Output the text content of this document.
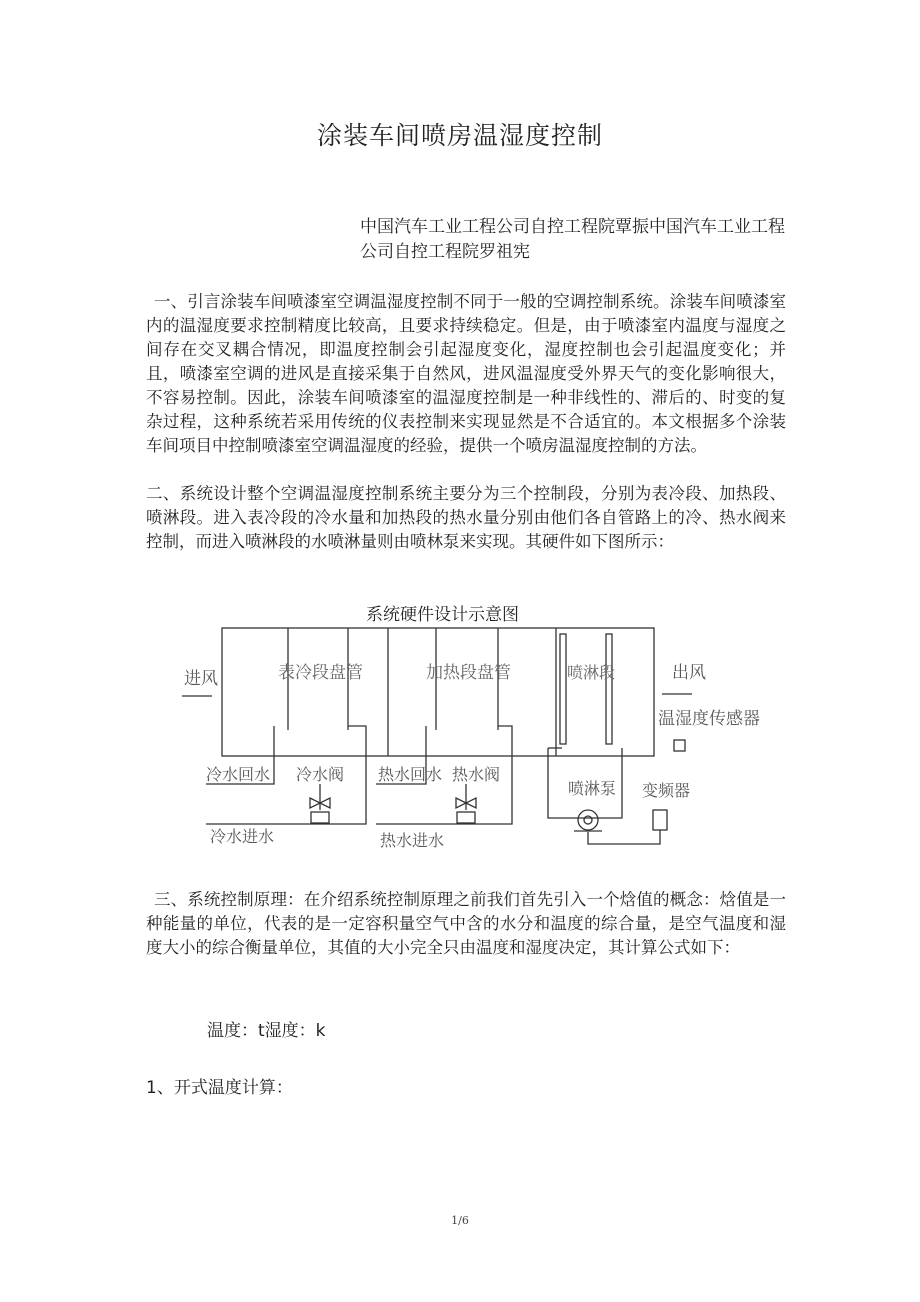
涂装车间喷房温湿度控制
中国汽车工业工程公司自控工程院覃振中国汽车工业工程公司自控工程院罗祖宪

一、引言涂装车间喷漆室空调温湿度控制不同于一般的空调控制系统。涂装车间喷漆室内的温湿度要求控制精度比较高，且要求持续稳定。但是，由于喷漆室内温度与湿度之间存在交叉耦合情况，即温度控制会引起湿度变化，湿度控制也会引起温度变化；并且，喷漆室空调的进风是直接采集于自然风，进风温湿度受外界天气的变化影响很大，不容易控制。因此，涂装车间喷漆室的温湿度控制是一种非线性的、滞后的、时变的复杂过程，这种系统若采用传统的仪表控制来实现显然是不合适宜的。本文根据多个涂装车间项目中控制喷漆室空调温湿度的经验，提供一个喷房温湿度控制的方法。

二、系统设计整个空调温湿度控制系统主要分为三个控制段，分别为表冷段、加热段、喷淋段。进入表冷段的冷水量和加热段的热水量分别由他们各自管路上的冷、热水阀来控制，而进入喷淋段的水喷淋量则由喷林泵来实现。其硬件如下图所示：

系统硬件设计示意图
进风	表冷段盘管	加热段盘管	喷淋段	出风
温湿度传感器
冷水回水 冷水阀 热水回水 热水阀
喷淋泵 变频器
冷水进水	热水进水

三、系统控制原理：在介绍系统控制原理之前我们首先引入一个焓值的概念：焓值是一种能量的单位，代表的是一定容积量空气中含的水分和温度的综合量，是空气温度和湿度大小的综合衡量单位，其值的大小完全只由温度和湿度决定，其计算公式如下：

温度：t湿度：k
1、开式温度计算：
1/6
